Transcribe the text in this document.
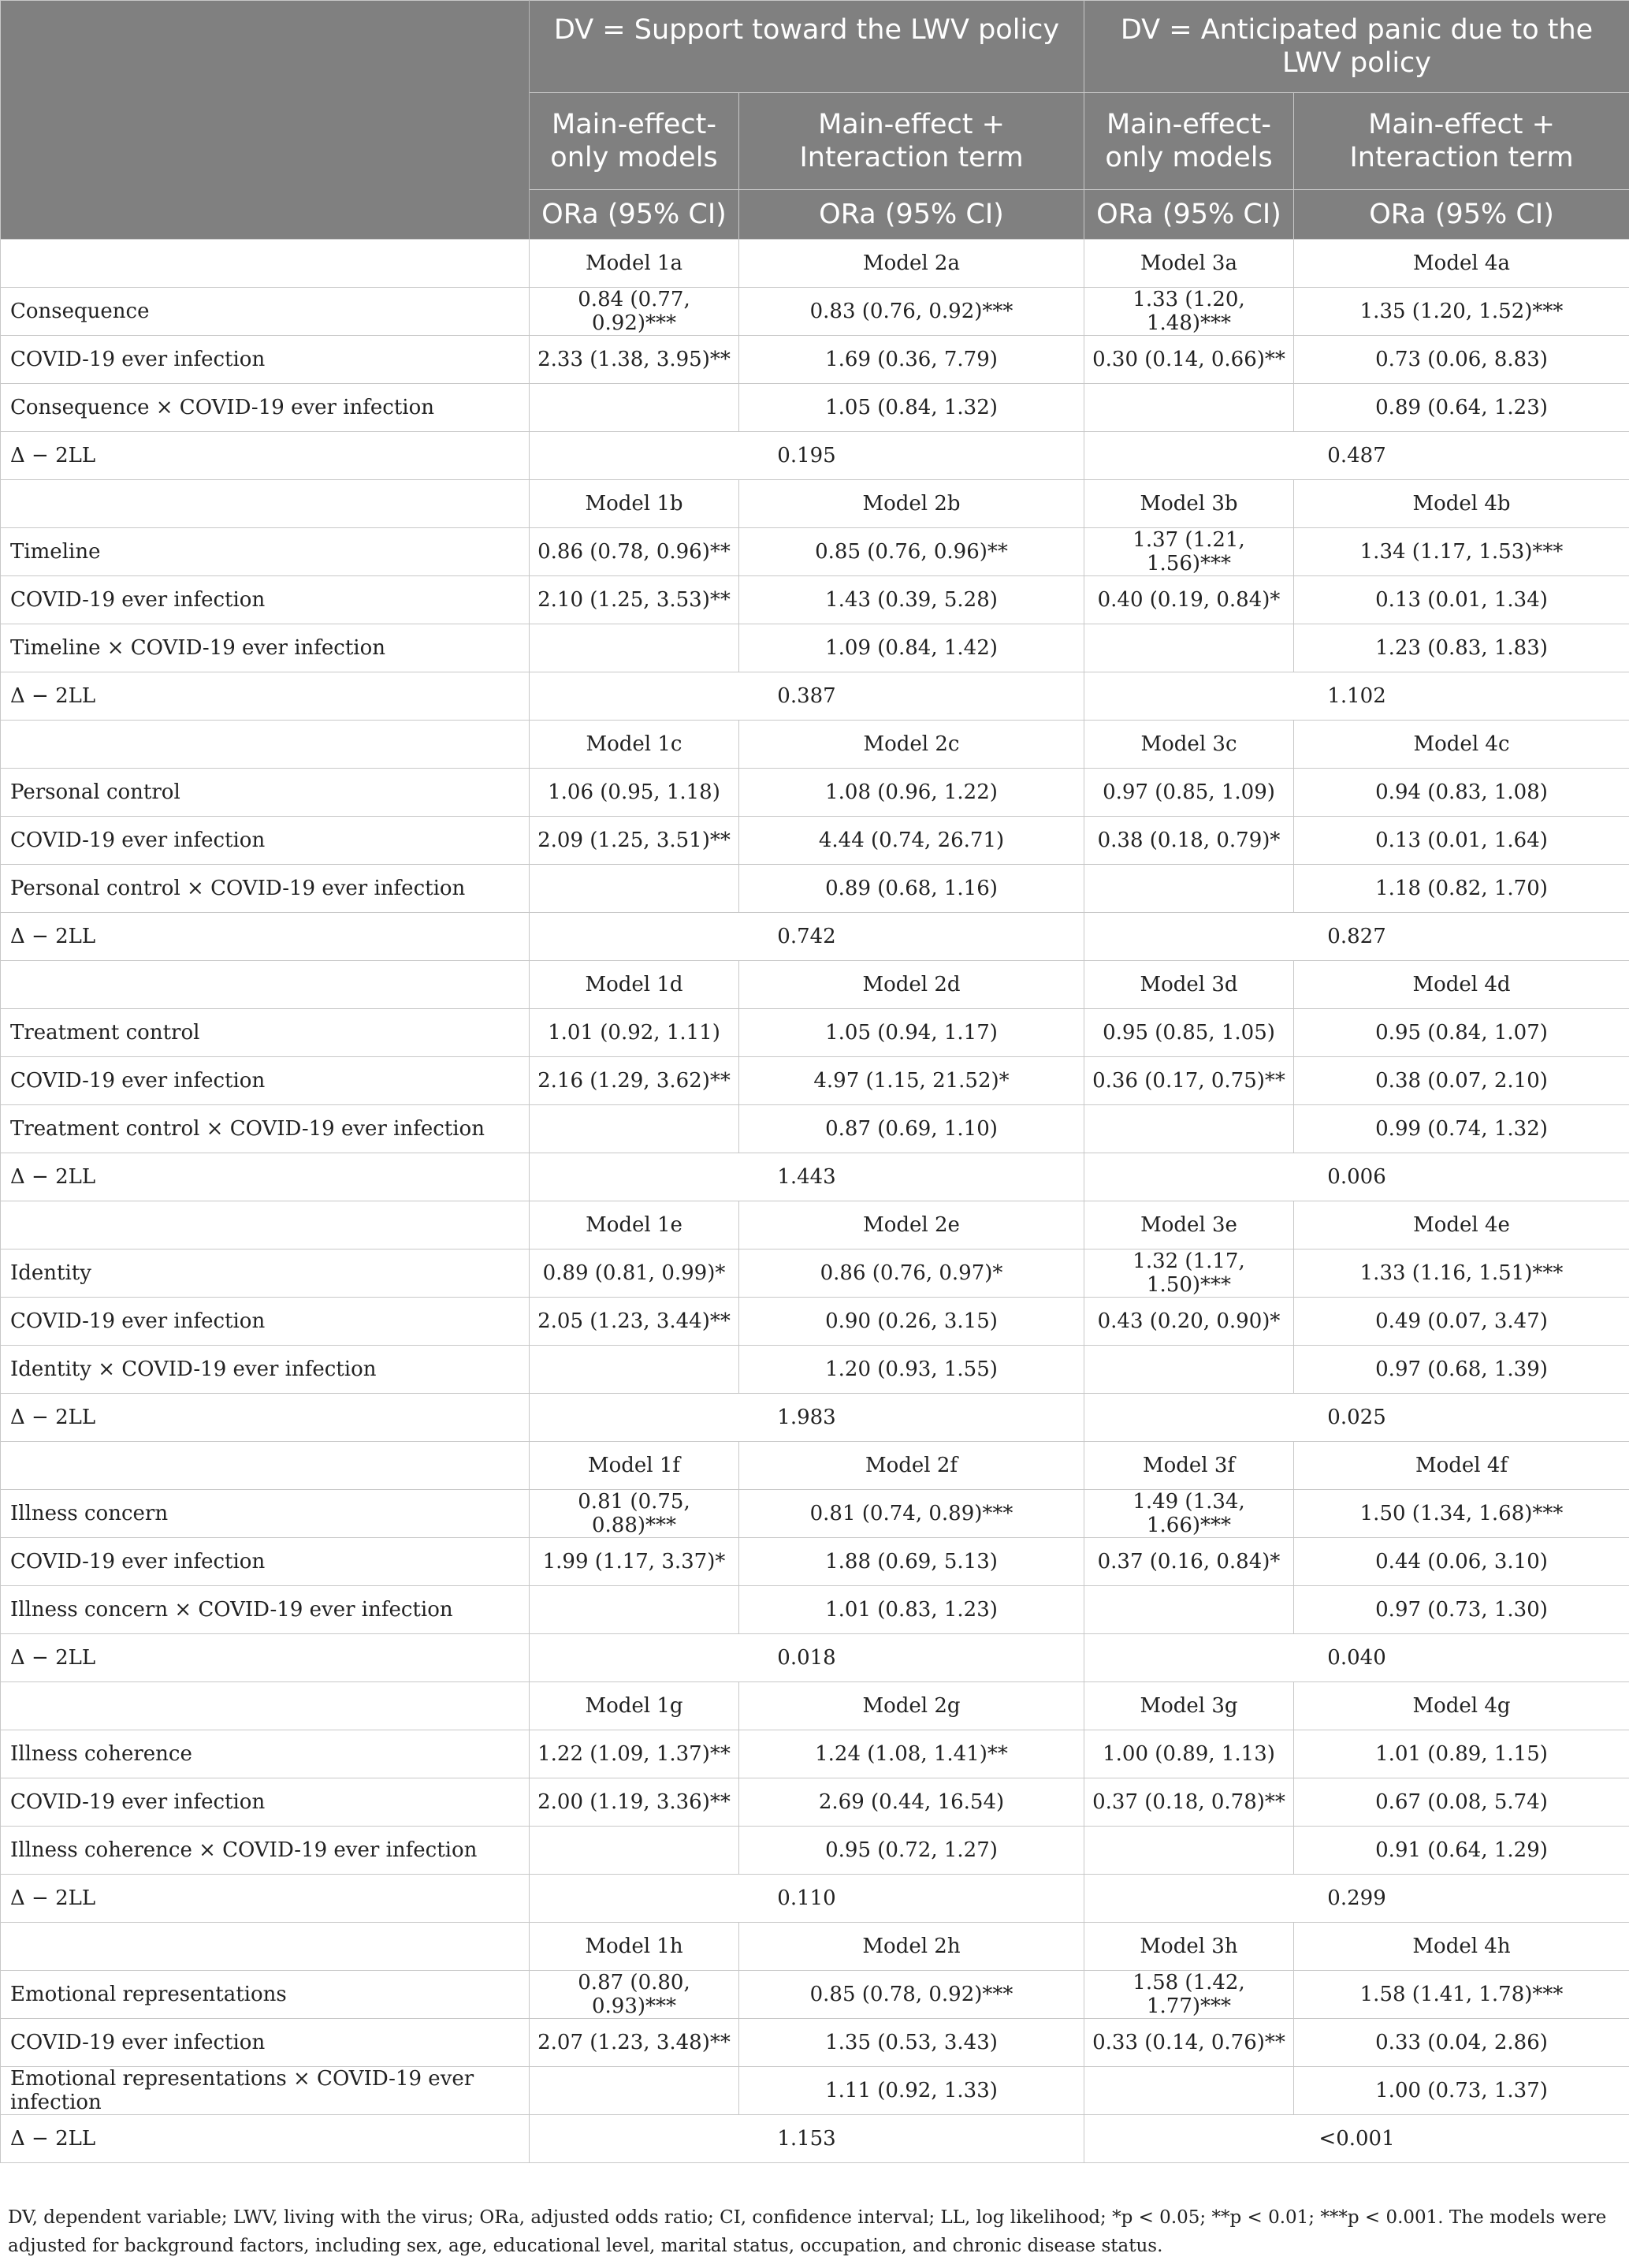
	DV = Support toward the LWV policy		DV = Anticipated panic due to the LWV policy	
	Main-effect-only models	Main-effect + Interaction term	Main-effect-only models	Main-effect + Interaction term
	ORa (95% CI)	ORa (95% CI)	ORa (95% CI)	ORa (95% CI)
	Model 1a	Model 2a	Model 3a	Model 4a
Consequence	0.84 (0.77, 0.92)***	0.83 (0.76, 0.92)***	1.33 (1.20, 1.48)***	1.35 (1.20, 1.52)***
COVID-19 ever infection	2.33 (1.38, 3.95)**	1.69 (0.36, 7.79)	0.30 (0.14, 0.66)**	0.73 (0.06, 8.83)
Consequence × COVID-19 ever infection		1.05 (0.84, 1.32)		0.89 (0.64, 1.23)
Δ − 2LL	0.195		0.487	
	Model 1b	Model 2b	Model 3b	Model 4b
Timeline	0.86 (0.78, 0.96)**	0.85 (0.76, 0.96)**	1.37 (1.21, 1.56)***	1.34 (1.17, 1.53)***
COVID-19 ever infection	2.10 (1.25, 3.53)**	1.43 (0.39, 5.28)	0.40 (0.19, 0.84)*	0.13 (0.01, 1.34)
Timeline × COVID-19 ever infection		1.09 (0.84, 1.42)		1.23 (0.83, 1.83)
Δ − 2LL	0.387		1.102	
	Model 1c	Model 2c	Model 3c	Model 4c
Personal control	1.06 (0.95, 1.18)	1.08 (0.96, 1.22)	0.97 (0.85, 1.09)	0.94 (0.83, 1.08)
COVID-19 ever infection	2.09 (1.25, 3.51)**	4.44 (0.74, 26.71)	0.38 (0.18, 0.79)*	0.13 (0.01, 1.64)
Personal control × COVID-19 ever infection		0.89 (0.68, 1.16)		1.18 (0.82, 1.70)
Δ − 2LL	0.742		0.827	
	Model 1d	Model 2d	Model 3d	Model 4d
Treatment control	1.01 (0.92, 1.11)	1.05 (0.94, 1.17)	0.95 (0.85, 1.05)	0.95 (0.84, 1.07)
COVID-19 ever infection	2.16 (1.29, 3.62)**	4.97 (1.15, 21.52)*	0.36 (0.17, 0.75)**	0.38 (0.07, 2.10)
Treatment control × COVID-19 ever infection		0.87 (0.69, 1.10)		0.99 (0.74, 1.32)
Δ − 2LL	1.443		0.006	
	Model 1e	Model 2e	Model 3e	Model 4e
Identity	0.89 (0.81, 0.99)*	0.86 (0.76, 0.97)*	1.32 (1.17, 1.50)***	1.33 (1.16, 1.51)***
COVID-19 ever infection	2.05 (1.23, 3.44)**	0.90 (0.26, 3.15)	0.43 (0.20, 0.90)*	0.49 (0.07, 3.47)
Identity × COVID-19 ever infection		1.20 (0.93, 1.55)		0.97 (0.68, 1.39)
Δ − 2LL	1.983		0.025	
	Model 1f	Model 2f	Model 3f	Model 4f
Illness concern	0.81 (0.75, 0.88)***	0.81 (0.74, 0.89)***	1.49 (1.34, 1.66)***	1.50 (1.34, 1.68)***
COVID-19 ever infection	1.99 (1.17, 3.37)*	1.88 (0.69, 5.13)	0.37 (0.16, 0.84)*	0.44 (0.06, 3.10)
Illness concern × COVID-19 ever infection		1.01 (0.83, 1.23)		0.97 (0.73, 1.30)
Δ − 2LL	0.018		0.040	
	Model 1g	Model 2g	Model 3g	Model 4g
Illness coherence	1.22 (1.09, 1.37)**	1.24 (1.08, 1.41)**	1.00 (0.89, 1.13)	1.01 (0.89, 1.15)
COVID-19 ever infection	2.00 (1.19, 3.36)**	2.69 (0.44, 16.54)	0.37 (0.18, 0.78)**	0.67 (0.08, 5.74)
Illness coherence × COVID-19 ever infection		0.95 (0.72, 1.27)		0.91 (0.64, 1.29)
Δ − 2LL	0.110		0.299	
	Model 1h	Model 2h	Model 3h	Model 4h
Emotional representations	0.87 (0.80, 0.93)***	0.85 (0.78, 0.92)***	1.58 (1.42, 1.77)***	1.58 (1.41, 1.78)***
COVID-19 ever infection	2.07 (1.23, 3.48)**	1.35 (0.53, 3.43)	0.33 (0.14, 0.76)**	0.33 (0.04, 2.86)
Emotional representations × COVID-19 ever infection		1.11 (0.92, 1.33)		1.00 (0.73, 1.37)
Δ − 2LL	1.153		<0.001	
DV, dependent variable; LWV, living with the virus; ORa, adjusted odds ratio; CI, confidence interval; LL, log likelihood; *p < 0.05; **p < 0.01; ***p < 0.001. The models were adjusted for background factors, including sex, age, educational level, marital status, occupation, and chronic disease status.
